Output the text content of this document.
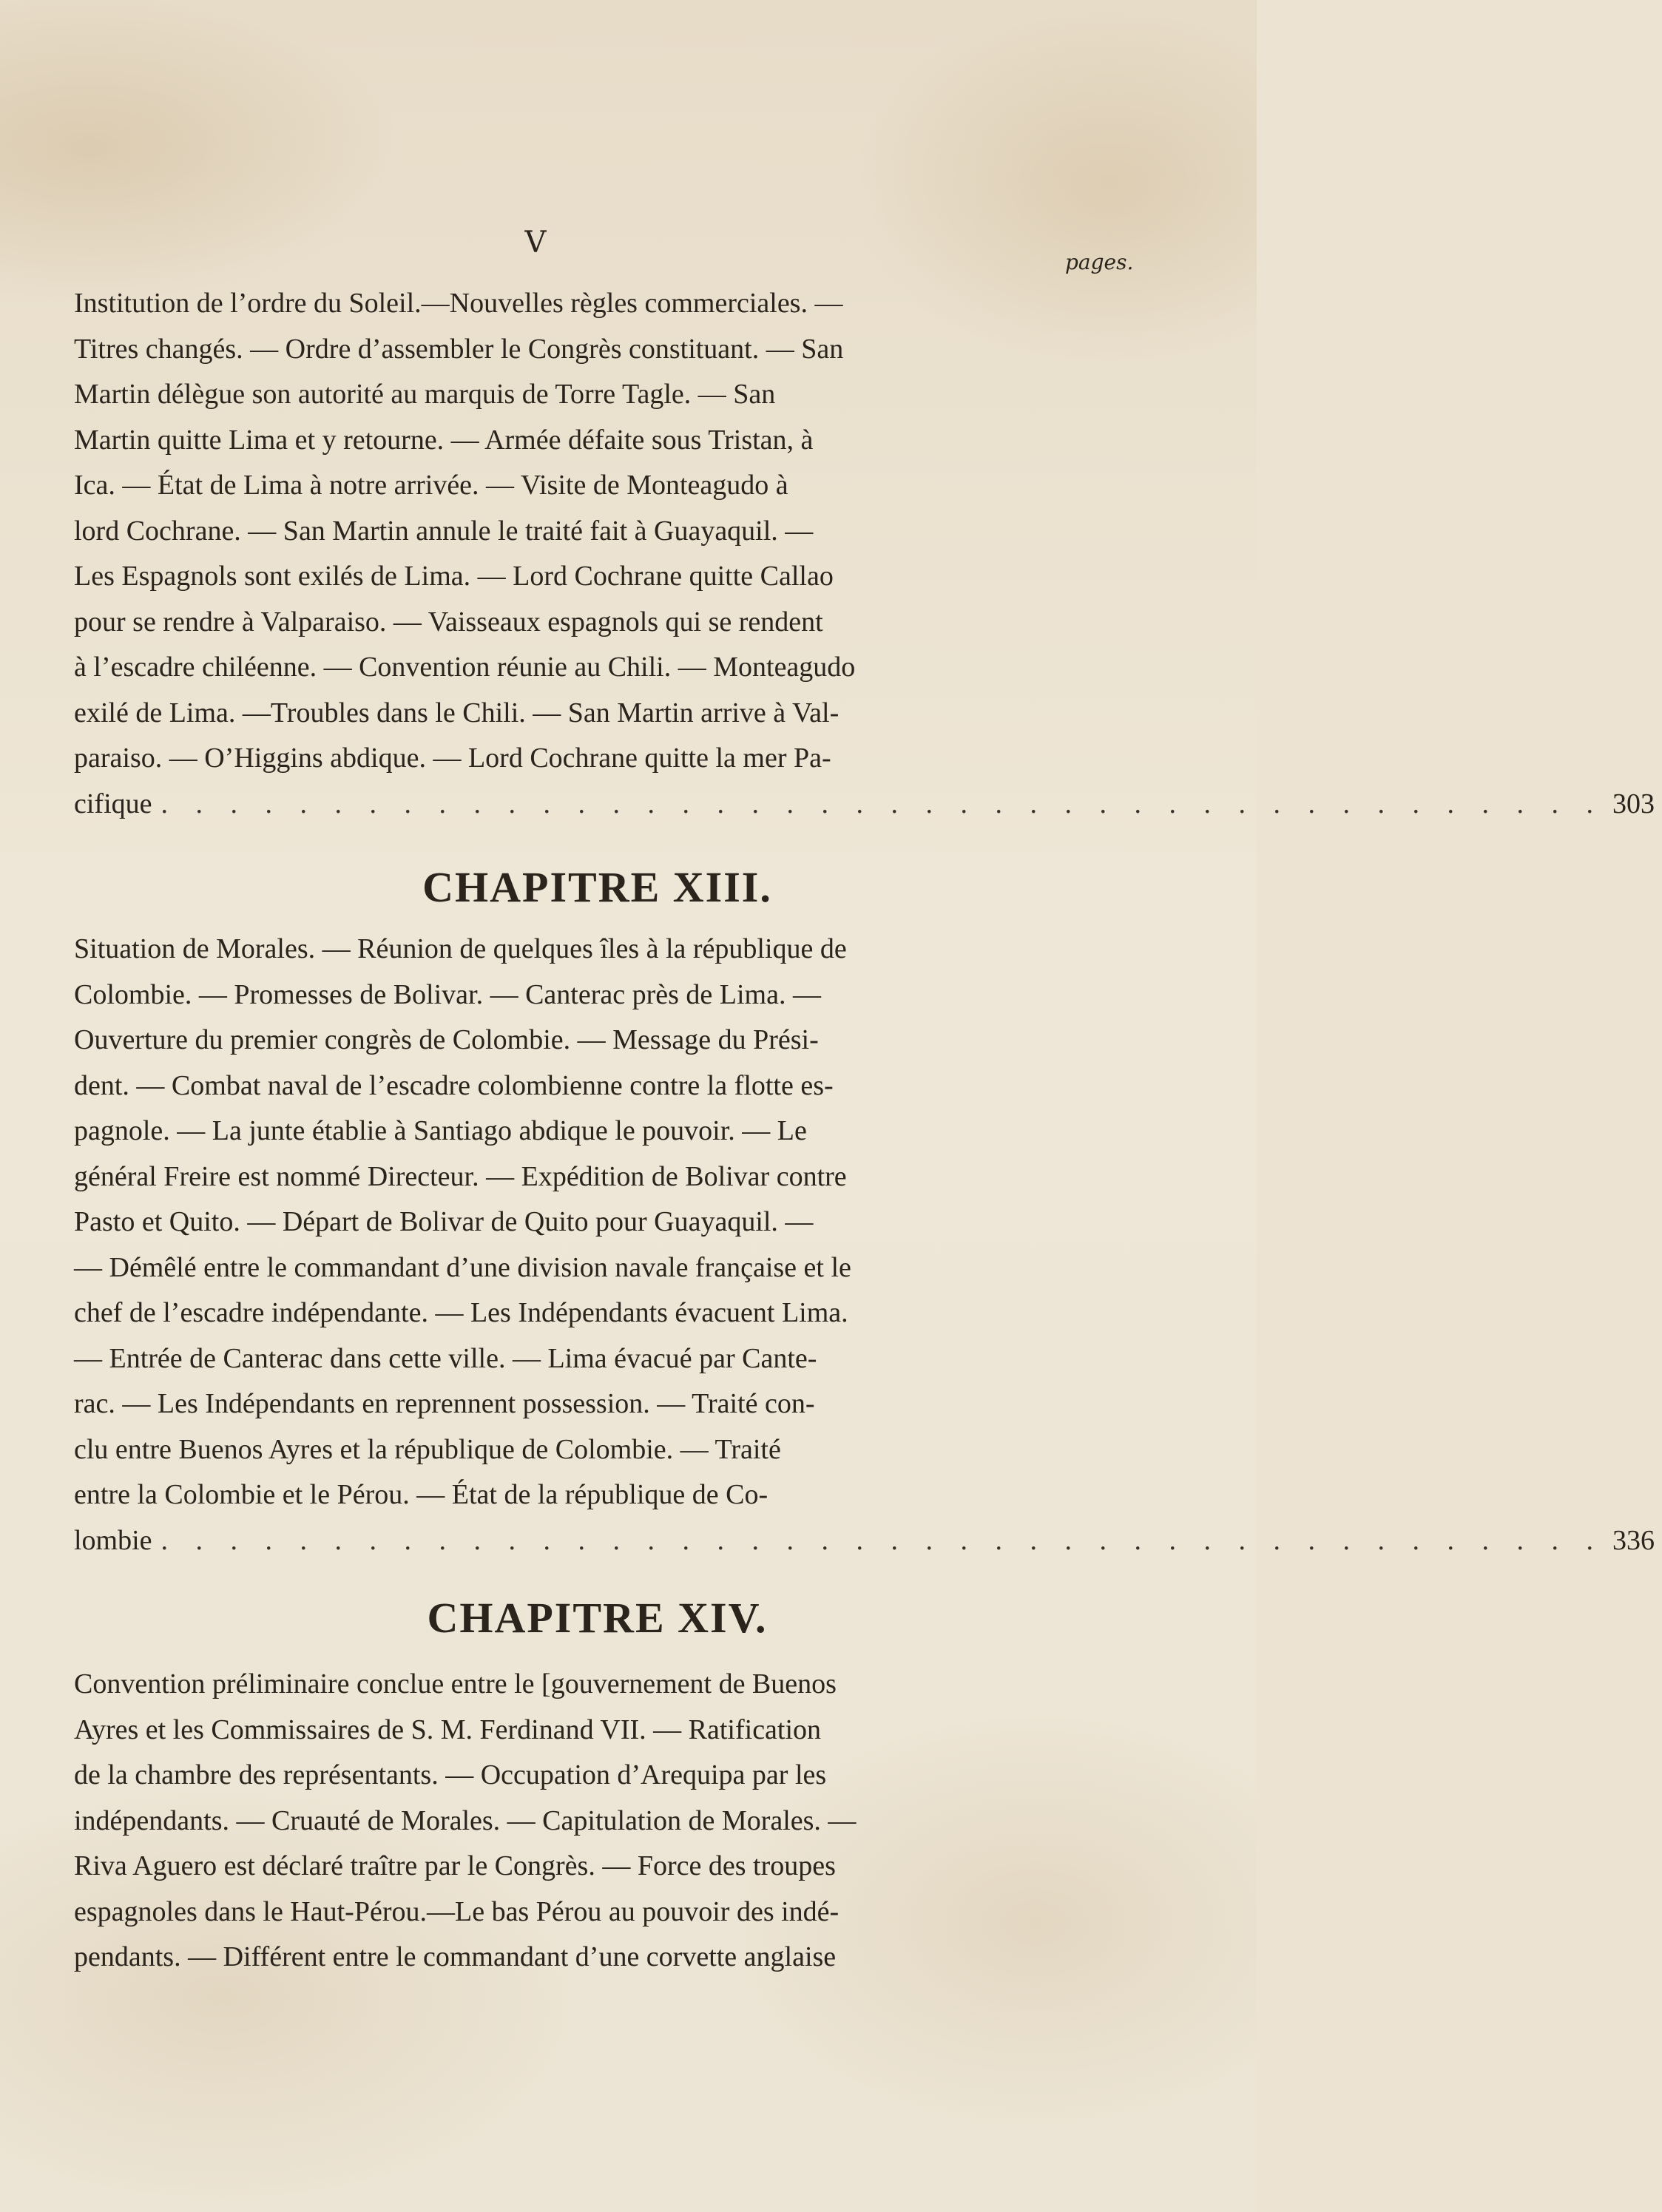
V
pages.
Institution de l’ordre du Soleil.—Nouvelles règles commerciales. —
Titres changés. — Ordre d’assembler le Congrès constituant. — San
Martin délègue son autorité au marquis de Torre Tagle. — San
Martin quitte Lima et y retourne. — Armée défaite sous Tristan, à
Ica. — État de Lima à notre arrivée. — Visite de Monteagudo à
lord Cochrane. — San Martin annule le traité fait à Guayaquil. —
Les Espagnols sont exilés de Lima. — Lord Cochrane quitte Callao
pour se rendre à Valparaiso. — Vaisseaux espagnols qui se rendent
à l’escadre chiléenne. — Convention réunie au Chili. — Monteagudo
exilé de Lima. —Troubles dans le Chili. — San Martin arrive à Val-
paraiso. — O’Higgins abdique. — Lord Cochrane quitte la mer Pa-
cifique . . . . . . . . . . . . . . . . . . . . . . . . . . . . . . . . . . . . . . . . . . 303
CHAPITRE XIII.
Situation de Morales. — Réunion de quelques îles à la république de
Colombie. — Promesses de Bolivar. — Canterac près de Lima. —
Ouverture du premier congrès de Colombie. — Message du Prési-
dent. — Combat naval de l’escadre colombienne contre la flotte es-
pagnole. — La junte établie à Santiago abdique le pouvoir. — Le
général Freire est nommé Directeur. — Expédition de Bolivar contre
Pasto et Quito. — Départ de Bolivar de Quito pour Guayaquil. —
— Démêlé entre le commandant d’une division navale française et le
chef de l’escadre indépendante. — Les Indépendants évacuent Lima.
— Entrée de Canterac dans cette ville. — Lima évacué par Cante-
rac. — Les Indépendants en reprennent possession. — Traité con-
clu entre Buenos Ayres et la république de Colombie. — Traité
entre la Colombie et le Pérou. — État de la république de Co-
lombie . . . . . . . . . . . . . . . . . . . . . . . . . . . . . . . . . . . . . . . . . . 336
CHAPITRE XIV.
Convention préliminaire conclue entre le [gouvernement de Buenos
Ayres et les Commissaires de S. M. Ferdinand VII. — Ratification
de la chambre des représentants. — Occupation d’Arequipa par les
indépendants. — Cruauté de Morales. — Capitulation de Morales. —
Riva Aguero est déclaré traître par le Congrès. — Force des troupes
espagnoles dans le Haut-Pérou.—Le bas Pérou au pouvoir des indé-
pendants. — Différent entre le commandant d’une corvette anglaise
